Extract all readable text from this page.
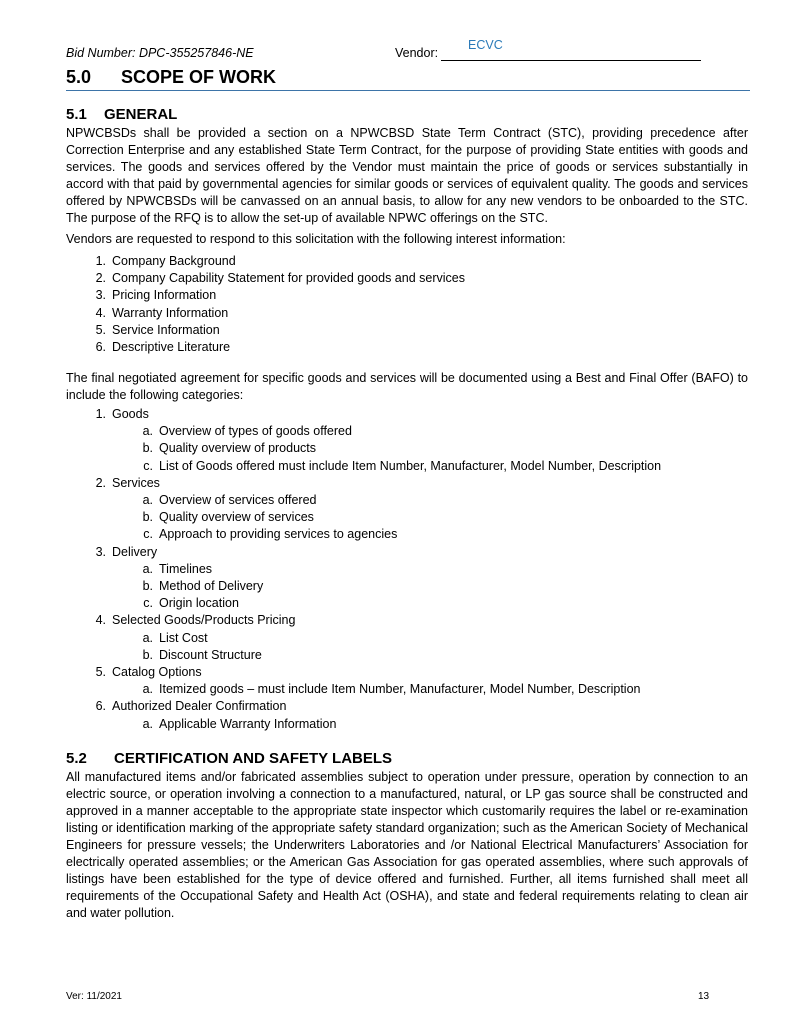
Bid Number: DPC-355257846-NE	Vendor:
ECVC
5.0 SCOPE OF WORK
5.1 GENERAL

NPWCBSDs shall be provided a section on a NPWCBSD State Term Contract (STC), providing precedence after Correction Enterprise and any established State Term Contract, for the purpose of providing State entities with goods and services. The goods and services offered by the Vendor must maintain the price of goods or services substantially in accord with that paid by governmental agencies for similar goods or services of equivalent quality. The goods and services offered by NPWCBSDs will be canvassed on an annual basis, to allow for any new vendors to be onboarded to the STC. The purpose of the RFQ is to allow the set-up of available NPWC offerings on the STC.

Vendors are requested to respond to this solicitation with the following interest information:

1. Company Background
2. Company Capability Statement for provided goods and services
3. Pricing Information
4. Warranty Information
5. Service Information
6. Descriptive Literature

The final negotiated agreement for specific goods and services will be documented using a Best and Final Offer (BAFO) to include the following categories:

1. Goods
a. Overview of types of goods offered
b. Quality overview of products
c. List of Goods offered must include Item Number, Manufacturer, Model Number, Description
2. Services
a. Overview of services offered
b. Quality overview of services
c. Approach to providing services to agencies
3. Delivery
a. Timelines
b. Method of Delivery
c. Origin location
4. Selected Goods/Products Pricing
a. List Cost
b. Discount Structure
5. Catalog Options
a. Itemized goods – must include Item Number, Manufacturer, Model Number, Description
6. Authorized Dealer Confirmation
a. Applicable Warranty Information
5.2 CERTIFICATION AND SAFETY LABELS

All manufactured items and/or fabricated assemblies subject to operation under pressure, operation by connection to an electric source, or operation involving a connection to a manufactured, natural, or LP gas source shall be constructed and approved in a manner acceptable to the appropriate state inspector which customarily requires the label or re-examination listing or identification marking of the appropriate safety standard organization; such as the American Society of Mechanical Engineers for pressure vessels; the Underwriters Laboratories and /or National Electrical Manufacturers’ Association for electrically operated assemblies; or the American Gas Association for gas operated assemblies, where such approvals of listings have been established for the type of device offered and furnished. Further, all items furnished shall meet all requirements of the Occupational Safety and Health Act (OSHA), and state and federal requirements relating to clean air and water pollution.

Ver: 11/2021	13
